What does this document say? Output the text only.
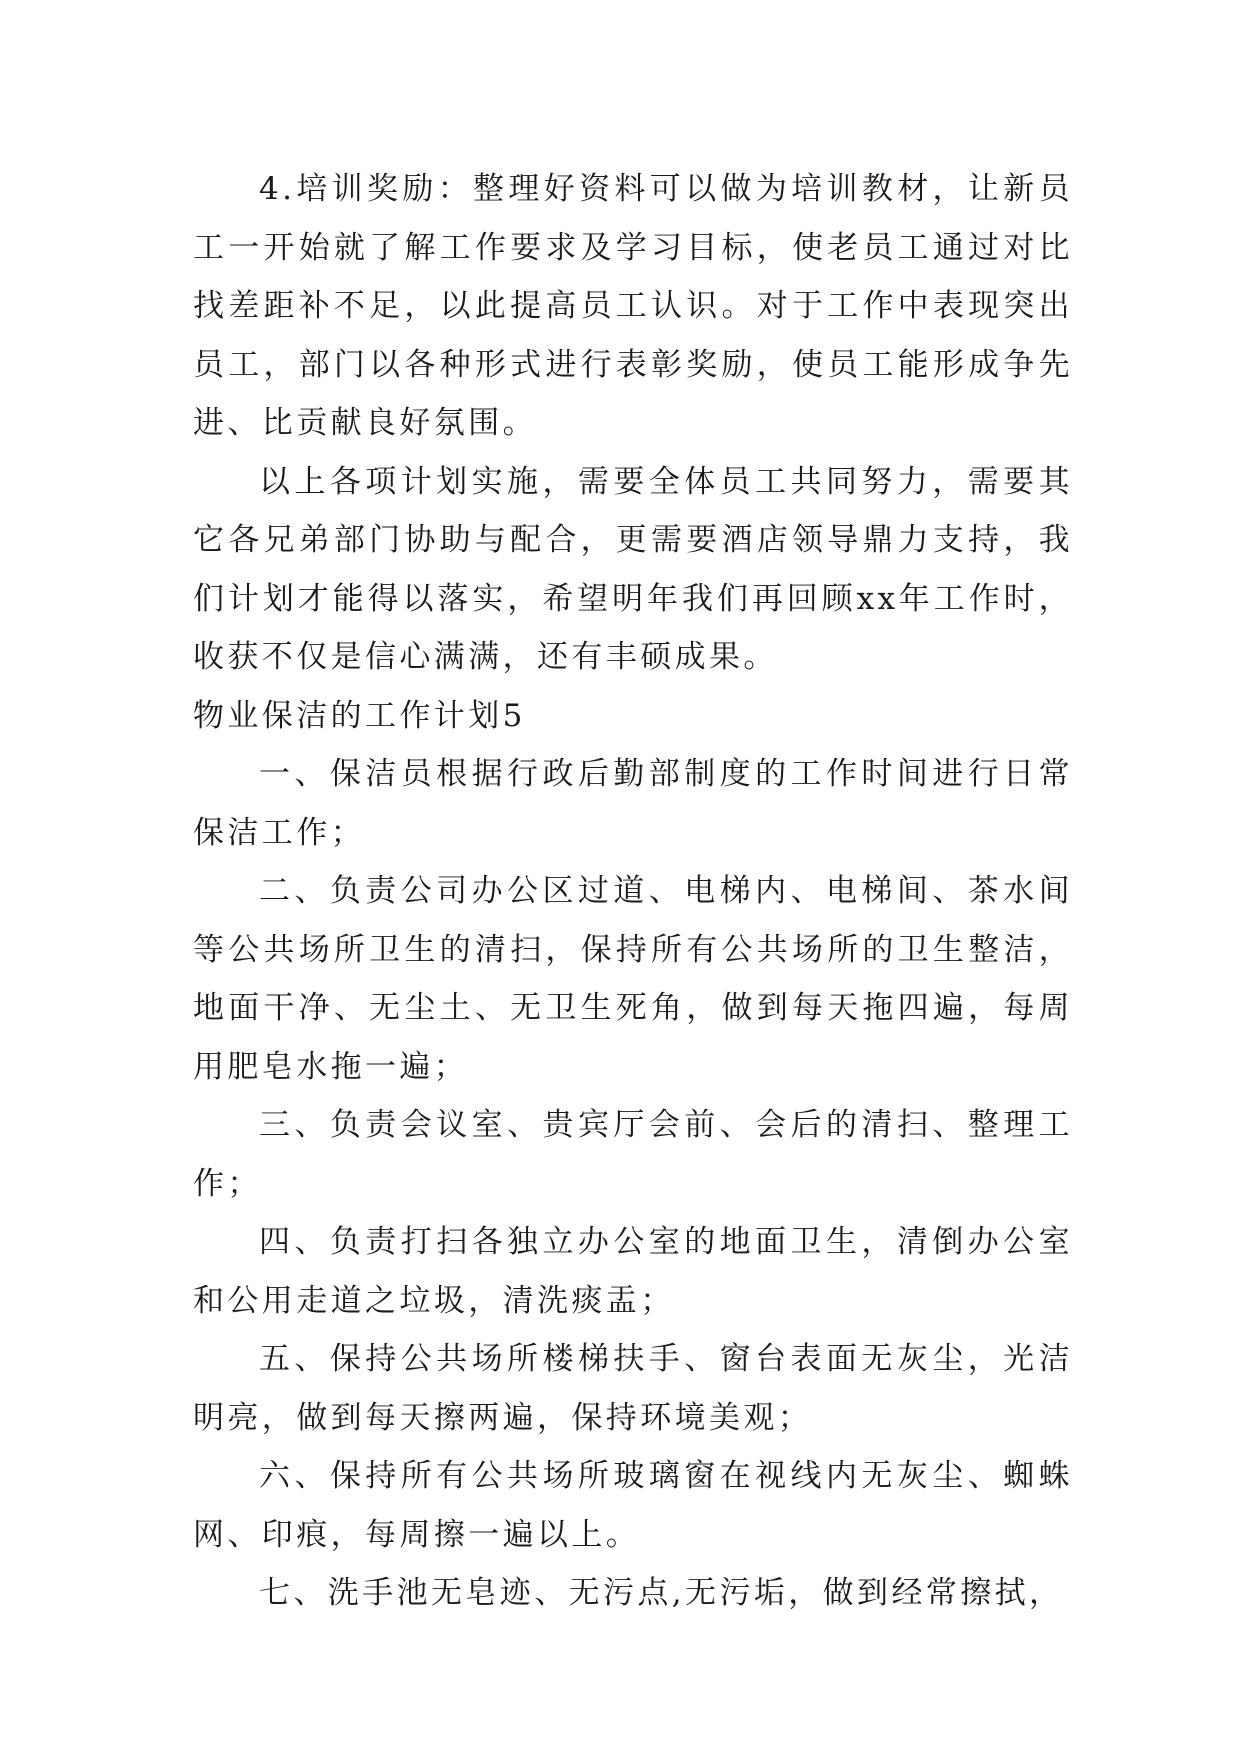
4.培训奖励：整理好资料可以做为培训教材，让新员工一开始就了解工作要求及学习目标，使老员工通过对比找差距补不足，以此提高员工认识。对于工作中表现突出员工，部门以各种形式进行表彰奖励，使员工能形成争先进、比贡献良好氛围。

以上各项计划实施，需要全体员工共同努力，需要其它各兄弟部门协助与配合，更需要酒店领导鼎力支持，我们计划才能得以落实，希望明年我们再回顾xx年工作时，收获不仅是信心满满，还有丰硕成果。

物业保洁的工作计划5

一、保洁员根据行政后勤部制度的工作时间进行日常保洁工作；

二、负责公司办公区过道、电梯内、电梯间、茶水间等公共场所卫生的清扫，保持所有公共场所的卫生整洁，地面干净、无尘土、无卫生死角，做到每天拖四遍，每周用肥皂水拖一遍；

三、负责会议室、贵宾厅会前、会后的清扫、整理工作；

四、负责打扫各独立办公室的地面卫生，清倒办公室和公用走道之垃圾，清洗痰盂；

五、保持公共场所楼梯扶手、窗台表面无灰尘，光洁明亮，做到每天擦两遍，保持环境美观；

六、保持所有公共场所玻璃窗在视线内无灰尘、蜘蛛网、印痕，每周擦一遍以上。

七、洗手池无皂迹、无污点,无污垢，做到经常擦拭，
